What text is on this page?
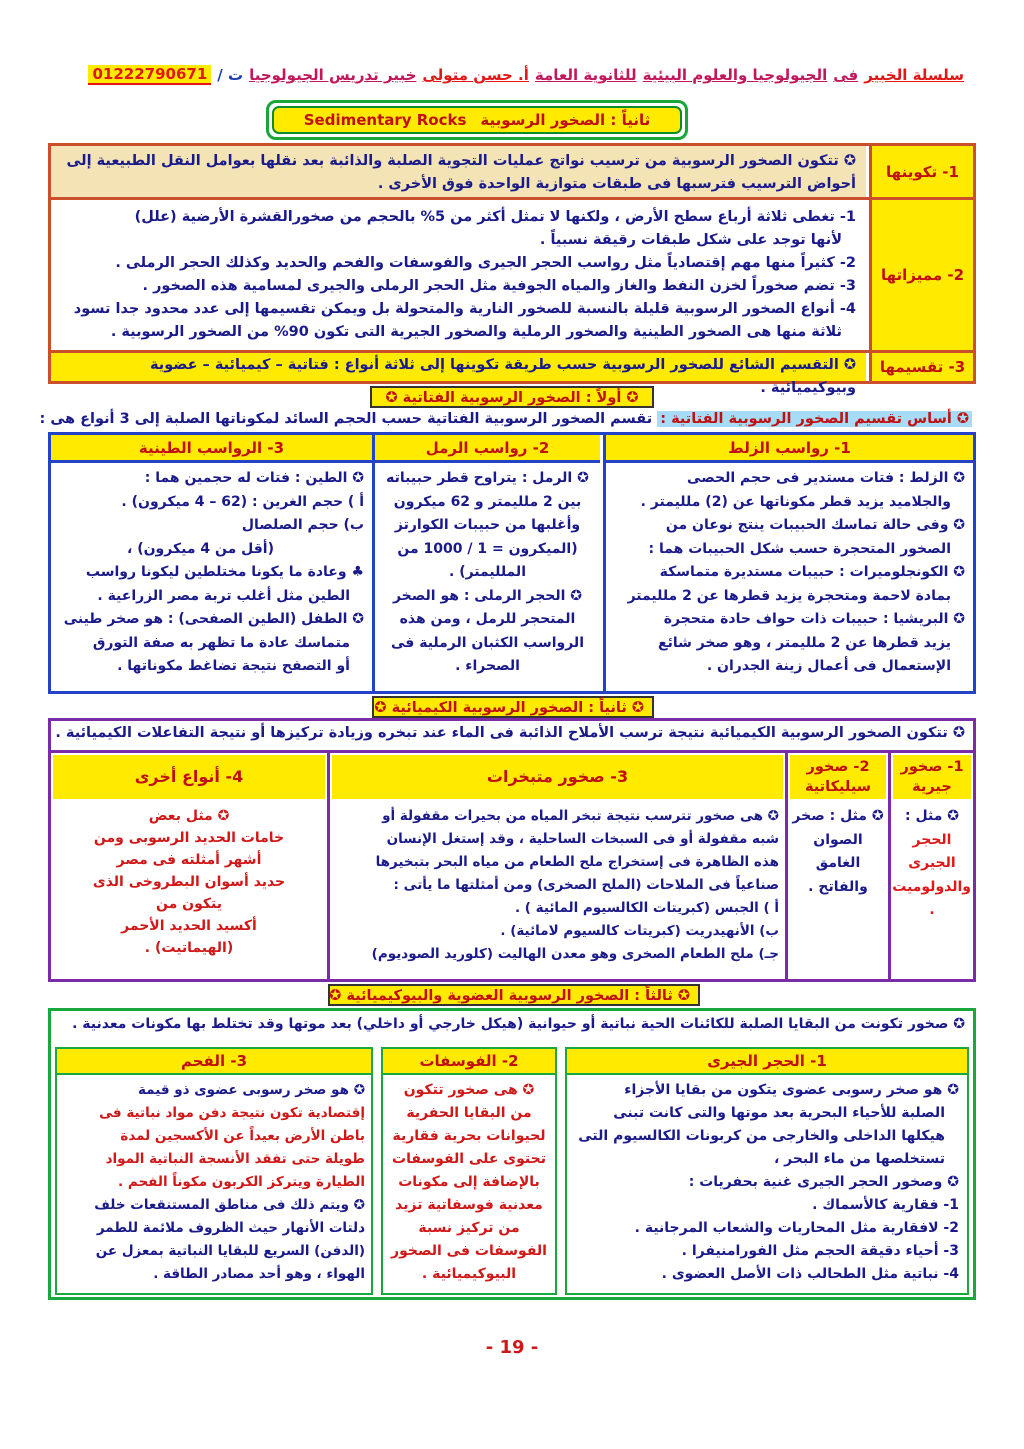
سلسلة الخبير
فى
الجيولوجيا والعلوم البيئية
للثانوية العامة
أ. حسن متولى
خبير تدريس الجيولوجيا
ت /
01222790671
ثانياً : الصخور الرسوبية
Sedimentary Rocks
1- تكوينها
✪ تتكون الصخور الرسوبية من ترسيب نواتج عمليات التجوية الصلبة والذائبة بعد نقلها بعوامل النقل الطبيعية إلى
أحواض الترسيب فترسبها فى طبقات متوازية الواحدة فوق الأخرى .
2- مميزاتها
1- تغطى ثلاثة أرباع سطح الأرض ، ولكنها لا تمثل أكثر من 5% بالحجم من صخورالقشرة الأرضية (علل)
لأنها توجد على شكل طبقات رقيقة نسبياً .
2- كثيراً منها مهم إقتصادياً مثل رواسب الحجر الجيرى والفوسفات والفحم والحديد وكذلك الحجر الرملى .
3- تضم صخوراً لخزن النفط والغاز والمياه الجوفية مثل الحجر الرملى والجيرى لمسامية هذه الصخور .
4- أنواع الصخور الرسوبية قليلة بالنسبة للصخور النارية والمتحولة بل ويمكن تقسيمها إلى عدد محدود جدا تسود
ثلاثة منها هى الصخور الطينية والصخور الرملية والصخور الجيرية التى تكون 90% من الصخور الرسوبية .
3- تقسيمها
✪ التقسيم الشائع للصخور الرسوبية حسب طريقة تكوينها إلى ثلاثة أنواع : فتاتية – كيميائية – عضوية وبيوكيميائية .
✪ أولاً : الصخور الرسوبية الفتاتية ✪
✪ أساس تقسيم الصخور الرسوبية الفتاتية : تقسم الصخور الرسوبية الفتاتية حسب الحجم السائد لمكوناتها الصلبة إلى 3 أنواع هى :
1- رواسب الزلط
✪ الزلط : فتات مستدير فى حجم الحصى
والجلاميد يزيد قطر مكوناتها عن (2) ملليمتر .
✪ وفى حالة تماسك الحبيبات ينتج نوعان من
الصخور المتحجرة حسب شكل الحبيبات هما :
✪ الكونجلوميرات : حبيبات مستديرة متماسكة
بمادة لاحمة ومتحجرة يزيد قطرها عن 2 ملليمتر
✪ البريشيا : حبيبات ذات حواف حادة متحجرة
يزيد قطرها عن 2 ملليمتر ، وهو صخر شائع
الإستعمال فى أعمال زينة الجدران .
2- رواسب الرمل
✪ الرمل : يتراوح قطر حبيباته
بين 2 ملليمتر و 62 ميكرون
وأغلبها من حبيبات الكوارتز
(الميكرون = 1 / 1000 من
الملليمتر) .
✪ الحجر الرملى : هو الصخر
المتحجر للرمل ، ومن هذه
الرواسب الكثبان الرملية فى
الصحراء .
3- الرواسب الطينية
✪ الطين : فتات له حجمين هما :
أ ) حجم الغرين : (62 – 4 ميكرون) .
ب) حجم الصلصال
(أقل من 4 ميكرون) ،
♣ وعادة ما يكونا مختلطين ليكونا رواسب
الطين مثل أغلب تربة مصر الزراعية .
✪ الطفل (الطين الصفحى) : هو صخر طينى
متماسك عادة ما تظهر به صفة التورق
أو التصفح نتيجة تضاغط مكوناتها .
✪ ثانياً : الصخور الرسوبية الكيميائية ✪
✪ تتكون الصخور الرسوبية الكيميائية نتيجة ترسب الأملاح الذائبة فى الماء عند تبخره وزيادة تركيزها أو نتيجة التفاعلات الكيميائية .
1- صخور جيرية
✪ مثل :
الحجر الجيرى
والدولوميت .
2- صخور سيليكاتية
✪ مثل : صخر
الصوان الغامق
والفاتح .
3- صخور متبخرات
✪ هى صخور تترسب نتيجة تبخر المياه من بحيرات مقفولة أو
شبه مقفولة أو فى السبخات الساحلية ، وقد إستغل الإنسان
هذه الظاهرة فى إستخراج ملح الطعام من مياه البحر بتبخيرها
صناعياً فى الملاحات (الملح الصخرى) ومن أمثلتها ما يأتى :
أ ) الجبس (كبريتات الكالسيوم المائية ) .
ب) الأنهيدريت (كبريتات كالسيوم لامائية) .
جـ) ملح الطعام الصخرى وهو معدن الهاليت (كلوريد الصوديوم)
4- أنواع أخرى
✪ مثل بعض
خامات الحديد الرسوبى ومن
أشهر أمثلته فى مصر
حديد أسوان البطروخى الذى
يتكون من
أكسيد الحديد الأحمر
(الهيماتيت) .
✪ ثالثاً : الصخور الرسوبية العضوية والبيوكيميائية ✪
✪ صخور تكونت من البقايا الصلبة للكائنات الحية نباتية أو حيوانية (هيكل خارجي أو داخلي) بعد موتها وقد تختلط بها مكونات معدنية .
1- الحجر الجيرى
✪ هو صخر رسوبى عضوى يتكون من بقايا الأجزاء
الصلبة للأحياء البحرية بعد موتها والتى كانت تبنى
هيكلها الداخلى والخارجى من كربونات الكالسيوم التى
تستخلصها من ماء البحر ،
✪ وصخور الحجر الجيرى غنية بحفريات :
1- فقارية كالأسماك .
2- لافقارية مثل المحاريات والشعاب المرجانية .
3- أحياء دقيقة الحجم مثل الفورامنيفرا .
4- نباتية مثل الطحالب ذات الأصل العضوى .
2- الفوسفات
✪ هى صخور تتكون
من البقايا الحفرية
لحيوانات بحرية فقارية
تحتوى على الفوسفات
بالإضافة إلى مكونات
معدنية فوسفاتية تزيد
من تركيز نسبة
الفوسفات فى الصخور
البيوكيميائية .
3- الفحم
✪ هو صخر رسوبى عضوى ذو قيمة
إقتصادية تكون نتيجة دفن مواد نباتية فى
باطن الأرض بعيداً عن الأكسجين لمدة
طويلة حتى تفقد الأنسجة النباتية المواد
الطيارة ويتركز الكربون مكوناً الفحم .
✪ ويتم ذلك فى مناطق المستنقعات خلف
دلتات الأنهار حيث الظروف ملائمة للطمر
(الدفن) السريع للبقايا النباتية بمعزل عن
الهواء ، وهو أحد مصادر الطاقة .
- 19 -
